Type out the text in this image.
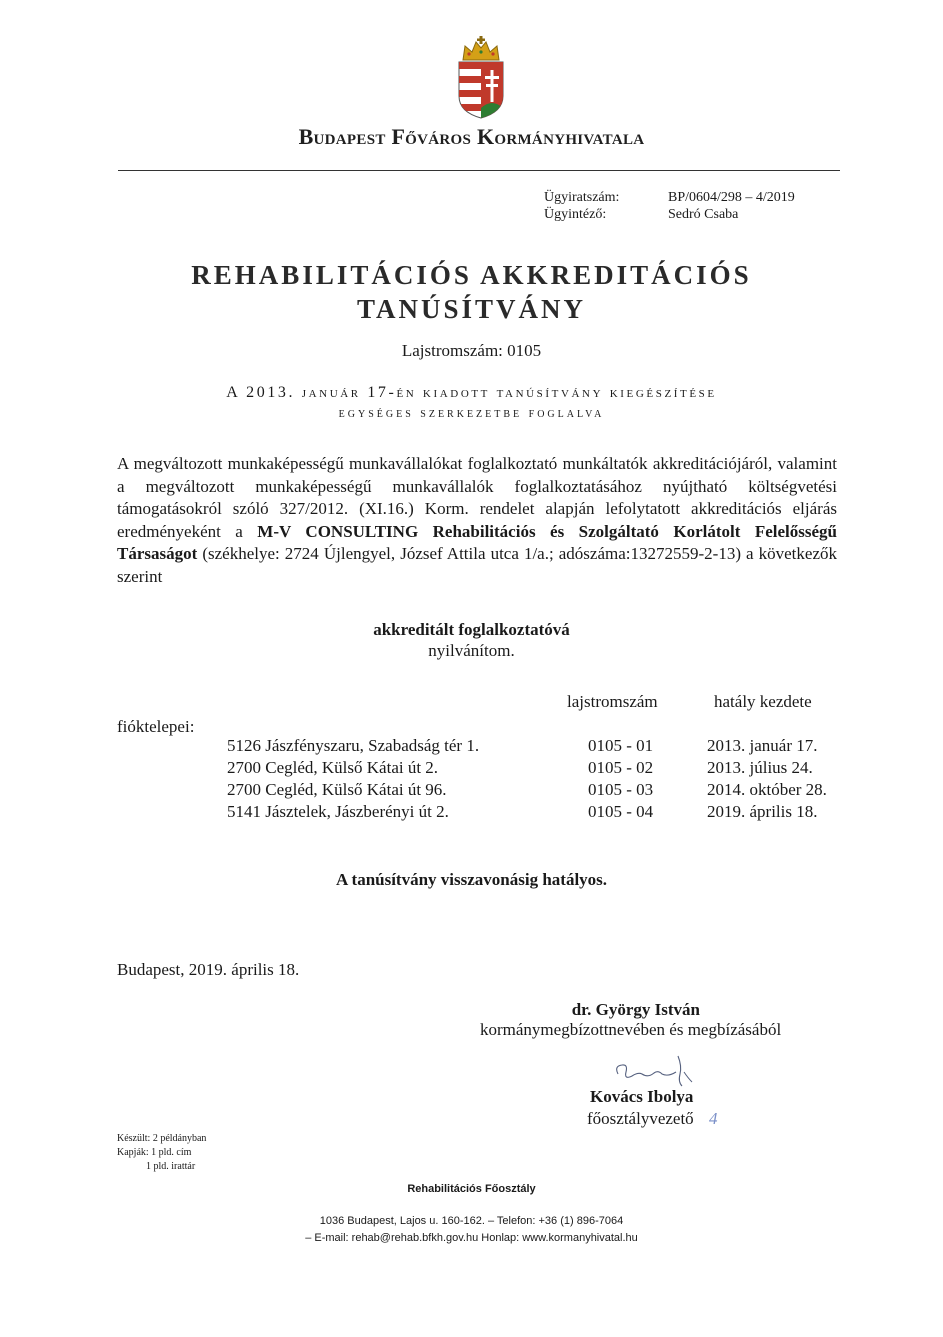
Budapest Főváros Kormányhivatala
Ügyiratszám:	BP/0604/298 – 4/2019
Ügyintéző:	Sedró Csaba
REHABILITÁCIÓS AKKREDITÁCIÓS
TANÚSÍTVÁNY
Lajstromszám: 0105
A 2013. január 17-én kiadott tanúsítvány kiegészítése
egységes szerkezetbe foglalva
A megváltozott munkaképességű munkavállalókat foglalkoztató munkáltatók akkreditációjáról, valamint a megváltozott munkaképességű munkavállalók foglalkoztatásához nyújtható költségvetési támogatásokról szóló 327/2012. (XI.16.) Korm. rendelet alapján lefolytatott akkreditációs eljárás eredményeként a M-V CONSULTING Rehabilitációs és Szolgáltató Korlátolt Felelősségű Társaságot (székhelye: 2724 Újlengyel, József Attila utca 1/a.; adószáma:13272559-2-13) a következők szerint
akkreditált foglalkoztatóvá
nyilvánítom.
lajstromszám	hatály kezdete
fióktelepei:
5126 Jászfényszaru, Szabadság tér 1.	0105 - 01	2013. január 17.
2700 Cegléd, Külső Kátai út 2.	0105 - 02	2013. július 24.
2700 Cegléd, Külső Kátai út 96.	0105 - 03	2014. október 28.
5141 Jásztelek, Jászberényi út 2.	0105 - 04	2019. április 18.
A tanúsítvány visszavonásig hatályos.
Budapest, 2019. április 18.
dr. György István
kormánymegbízottnevében és megbízásából
Kovács Ibolya
főosztályvezető 4
Készült: 2 példányban
Kapják: 1 pld. cím
1 pld. irattár
Rehabilitációs Főosztály
1036 Budapest, Lajos u. 160-162. – Telefon: +36 (1) 896-7064
– E-mail: rehab@rehab.bfkh.gov.hu Honlap: www.kormanyhivatal.hu
